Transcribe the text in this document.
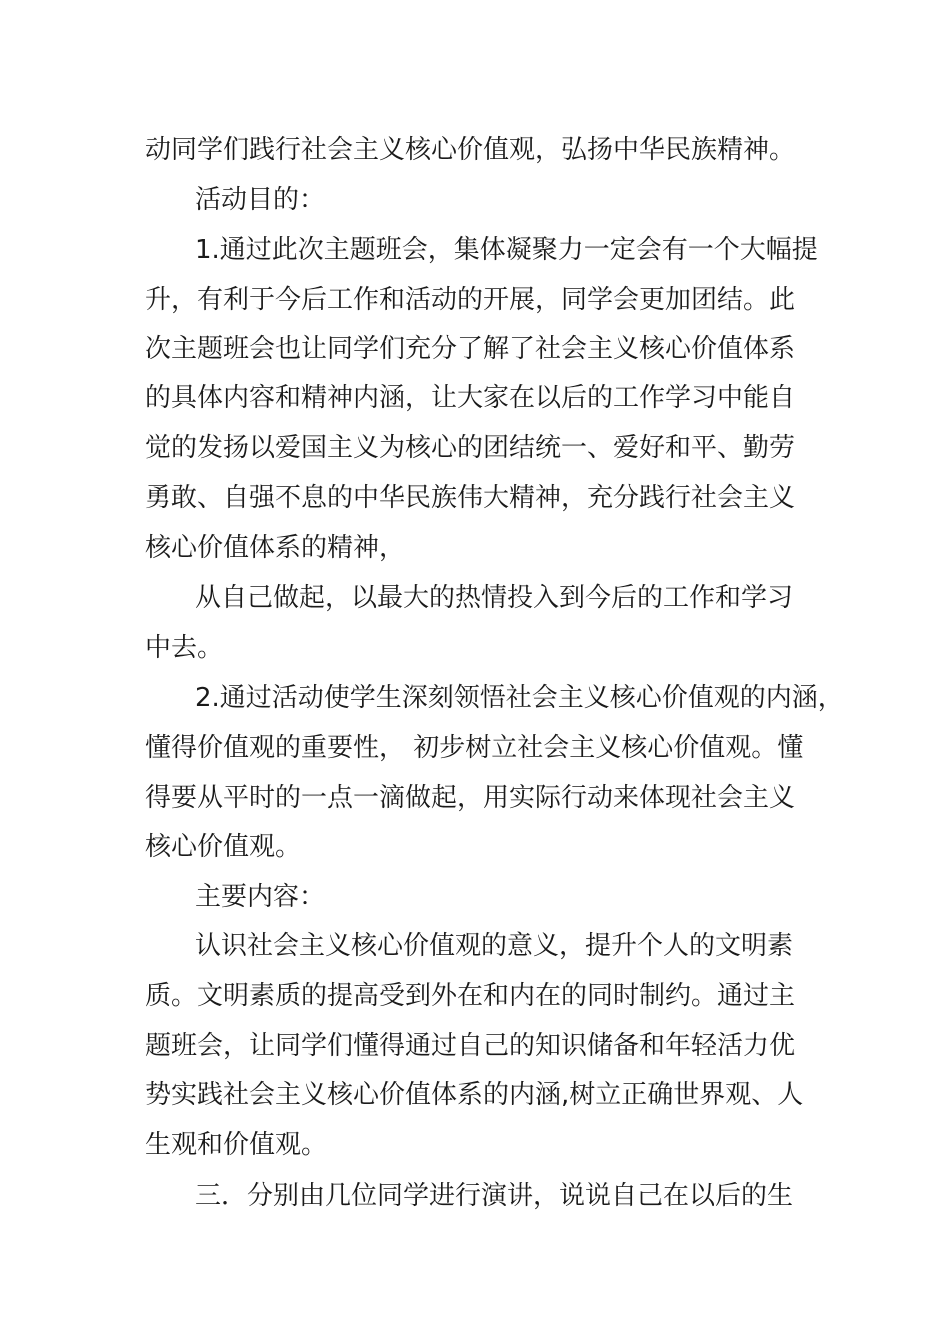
动同学们践行社会主义核心价值观，弘扬中华民族精神。
活动目的：
1.通过此次主题班会，集体凝聚力一定会有一个大幅提
升，有利于今后工作和活动的开展，同学会更加团结。此
次主题班会也让同学们充分了解了社会主义核心价值体系
的具体内容和精神内涵，让大家在以后的工作学习中能自
觉的发扬以爱国主义为核心的团结统一、爱好和平、勤劳
勇敢、自强不息的中华民族伟大精神，充分践行社会主义
核心价值体系的精神，
从自己做起，以最大的热情投入到今后的工作和学习
中去。
2.通过活动使学生深刻领悟社会主义核心价值观的内涵，
懂得价值观的重要性， 初步树立社会主义核心价值观。懂
得要从平时的一点一滴做起，用实际行动来体现社会主义
核心价值观。
主要内容：
认识社会主义核心价值观的意义，提升个人的文明素
质。文明素质的提高受到外在和内在的同时制约。通过主
题班会，让同学们懂得通过自己的知识储备和年轻活力优
势实践社会主义核心价值体系的内涵,树立正确世界观、人
生观和价值观。
三．分别由几位同学进行演讲，说说自己在以后的生
